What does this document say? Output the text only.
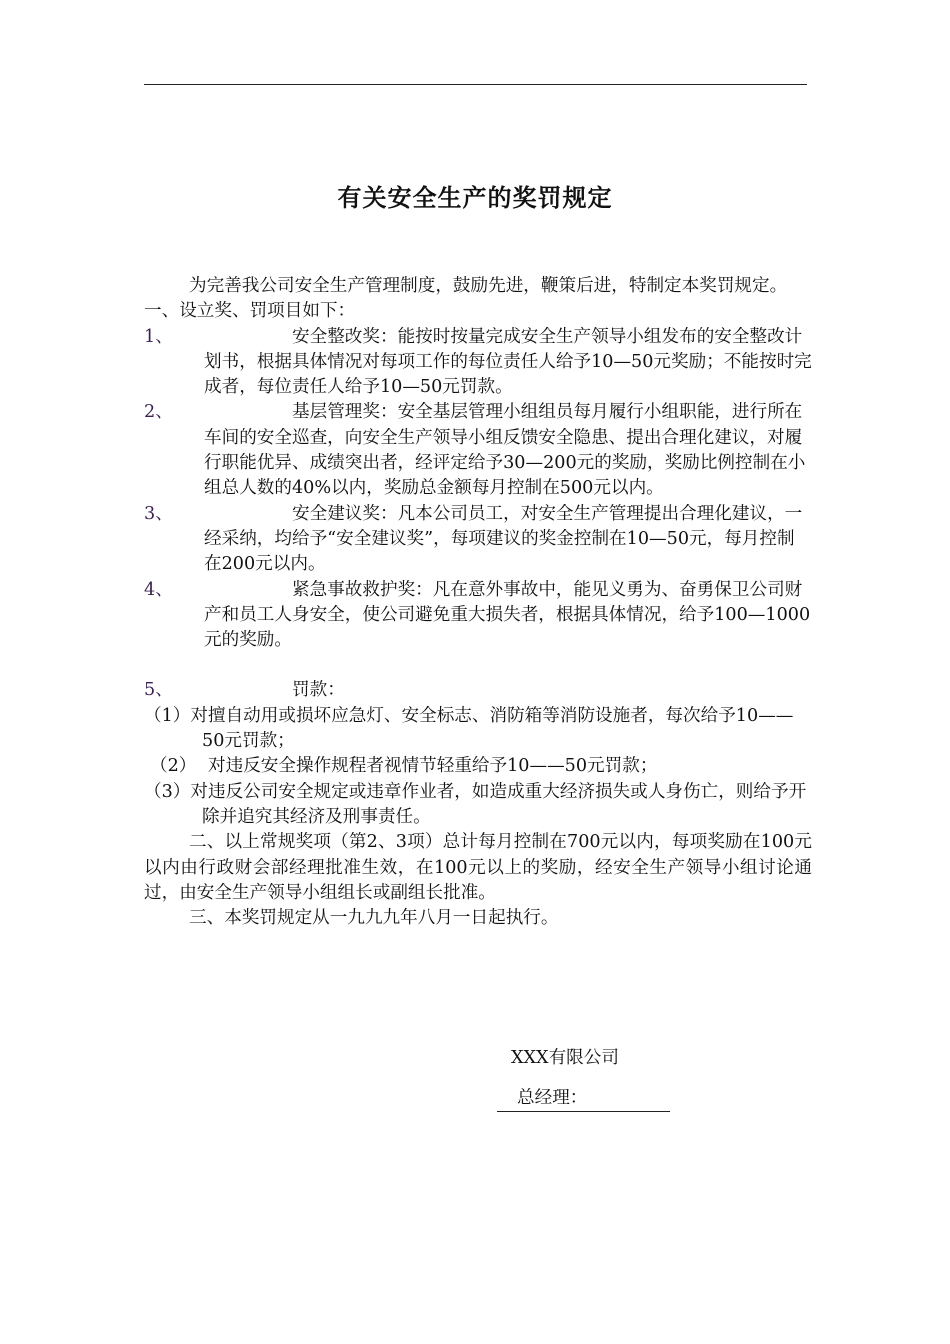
有关安全生产的奖罚规定

为完善我公司安全生产管理制度，鼓励先进，鞭策后进，特制定本奖罚规定。

一、设立奖、罚项目如下：

1、	安全整改奖：能按时按量完成安全生产领导小组发布的安全整改计划书，根据具体情况对每项工作的每位责任人给予10—50元奖励；不能按时完成者，每位责任人给予10—50元罚款。
2、	基层管理奖：安全基层管理小组组员每月履行小组职能，进行所在车间的安全巡查，向安全生产领导小组反馈安全隐患、提出合理化建议，对履行职能优异、成绩突出者，经评定给予30—200元的奖励，奖励比例控制在小组总人数的40%以内，奖励总金额每月控制在500元以内。
3、	安全建议奖：凡本公司员工，对安全生产管理提出合理化建议，一经采纳，均给予“安全建议奖”，每项建议的奖金控制在10—50元，每月控制在200元以内。
4、	紧急事故救护奖：凡在意外事故中，能见义勇为、奋勇保卫公司财产和员工人身安全，使公司避免重大损失者，根据具体情况，给予100—1000元的奖励。
5、	罚款：

（1）对擅自动用或损坏应急灯、安全标志、消防箱等消防设施者，每次给予10——50元罚款；

（2） 对违反安全操作规程者视情节轻重给予10——50元罚款；

（3）对违反公司安全规定或违章作业者，如造成重大经济损失或人身伤亡，则给予开除并追究其经济及刑事责任。

二、以上常规奖项（第2、3项）总计每月控制在700元以内，每项奖励在100元以内由行政财会部经理批准生效，在100元以上的奖励，经安全生产领导小组讨论通过，由安全生产领导小组组长或副组长批准。

三、本奖罚规定从一九九九年八月一日起执行。

XXX有限公司
总经理：
